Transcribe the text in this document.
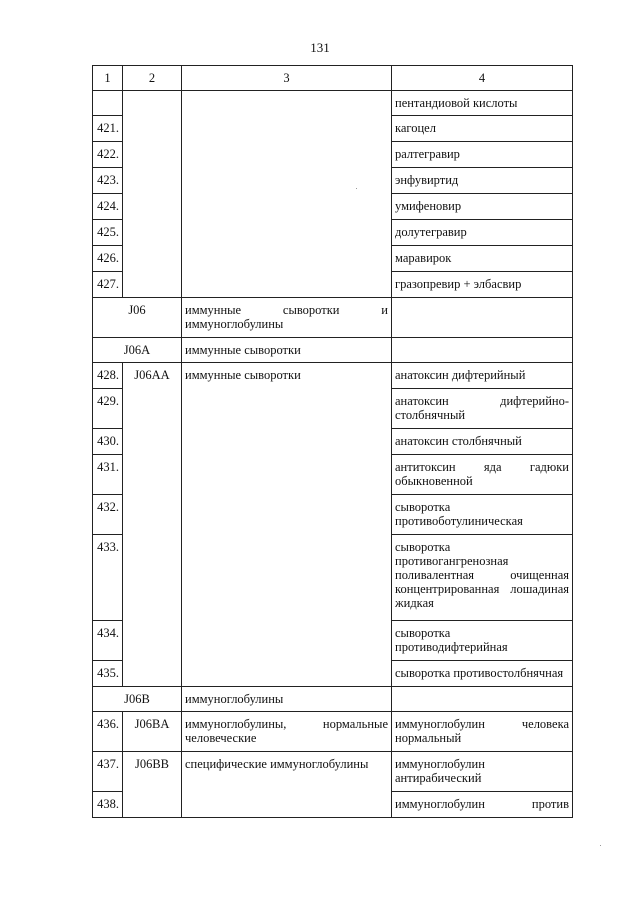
131
1	2	3	4

			пентандиовой кислоты

421.			кагоцел

422.			ралтегравир

423.			энфувиртид

424.			умифеновир

425.			долутегравир

426.			маравирок

427.			гразопревир + элбасвир

J06		иммунные сыворотки и
иммуноглобулины	

J06A		иммунные сыворотки	

428.	J06AA	иммунные сыворотки	анатоксин дифтерийный

429.			анатоксин дифтерийно-
столбнячный

430.			анатоксин столбнячный

431.			антитоксин яда гадюки
обыкновенной

432.			сыворотка
противоботулиническая

433.			сыворотка
противогангренозная
поливалентная очищенная
концентрированная лошадиная
жидкая

434.			сыворотка
противодифтерийная

435.			сыворотка противостолбнячная

J06B		иммуноглобулины	

436.	J06BA	иммуноглобулины, нормальные
человеческие	иммуноглобулин человека
нормальный

437.	J06BB	специфические иммуноглобулины	иммуноглобулин
антирабический

438.			иммуноглобулин против
